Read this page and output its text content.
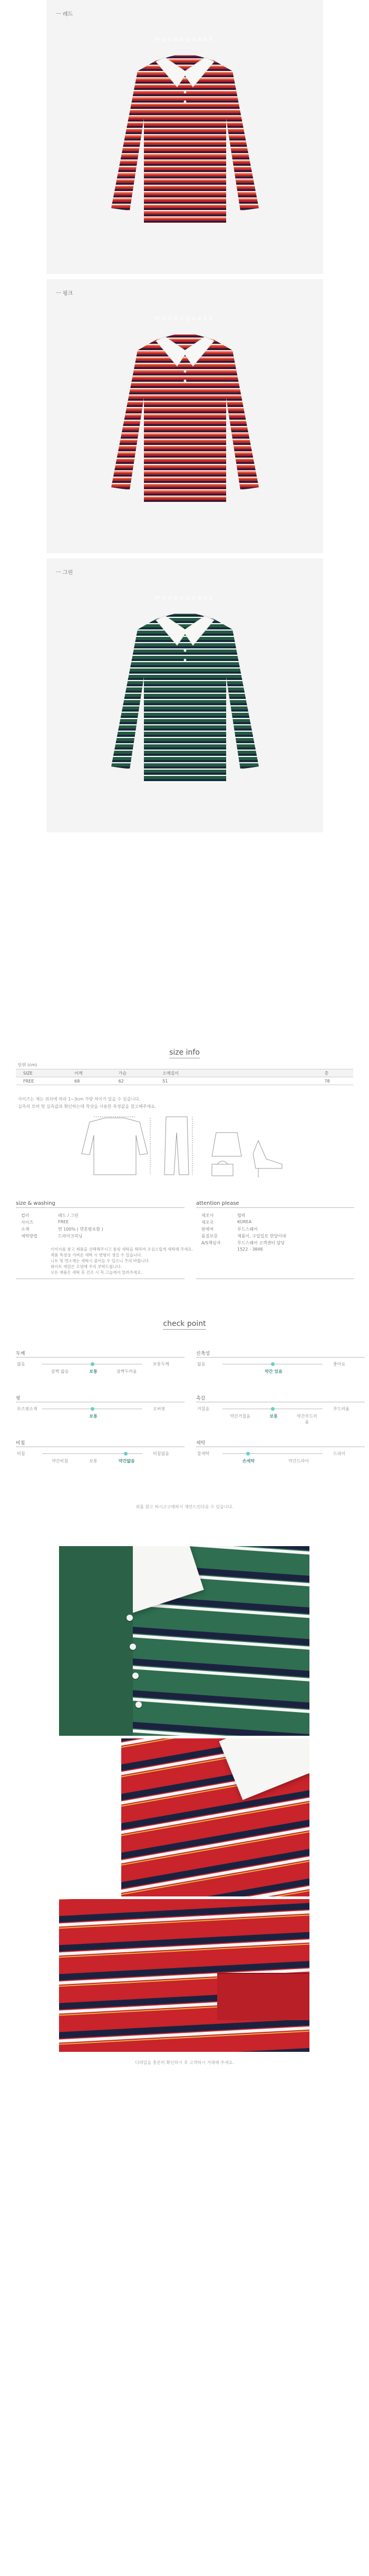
ㅡ 레드
MOODSQUARE
ㅡ 핑크
MOODSQUARE
ㅡ 그린
MOODSQUARE
size info
단위 (cm)
SIZE	어깨	가슴	소매길이		총
FREE	68	62	51		78
사이즈는 재는 위치에 따라 1~3cm 가량 차이가 있을 수 있습니다.
실측의 모바 및 실측값과 확인하는데 착샷을 사용한 측정값을 참고해주세요.
size & washing
컬러	레드 / 그린
사이즈	FREE
소재	면 100% ( 면혼방포함 )
세탁방법	드라이크리닝
이미지를 참고 제품을 선택해주시고 롤링 세탁을 택하여 조심스럽게 세탁해 주세요.
제품 특성상 가벼운 세탁 시 변형이 생길 수 있습니다.
니트 및 면소재는 세탁시 줄어들 수 있으니 주의 바랍니다.
화이트 계열은 오염에 주의 부탁드립니다.
모든 제품은 세탁 후 건조 시 꼭 그늘에서 말려주세요.
attention please
제조사	협력
제조국	KOREA
판매처	무드스퀘어
품질보증	제품이, 구입일로 한달이내
A/S책임자	무드스퀘어 고객센터 담당
1522 - 3846
check point
두께
얇음	보통두께
살짝 얇음	보통	살짝두꺼움
신축성
없음	좋아요
약간 있음
핏
루즈핏소재	오버핏
보통
촉감
거칠음	부드러움
약간거칠음	보통	약간부드러움
비침
비침	비침없음
약간비침	보통	약간얇음
세탁
물세탁	드라이
손세탁	약간드라이
위를 참고 하시고구매하시 제안드린다음 수 있습니다.
디테일을 충분히 확인하시 후 고객하시 거래해 주세요.
